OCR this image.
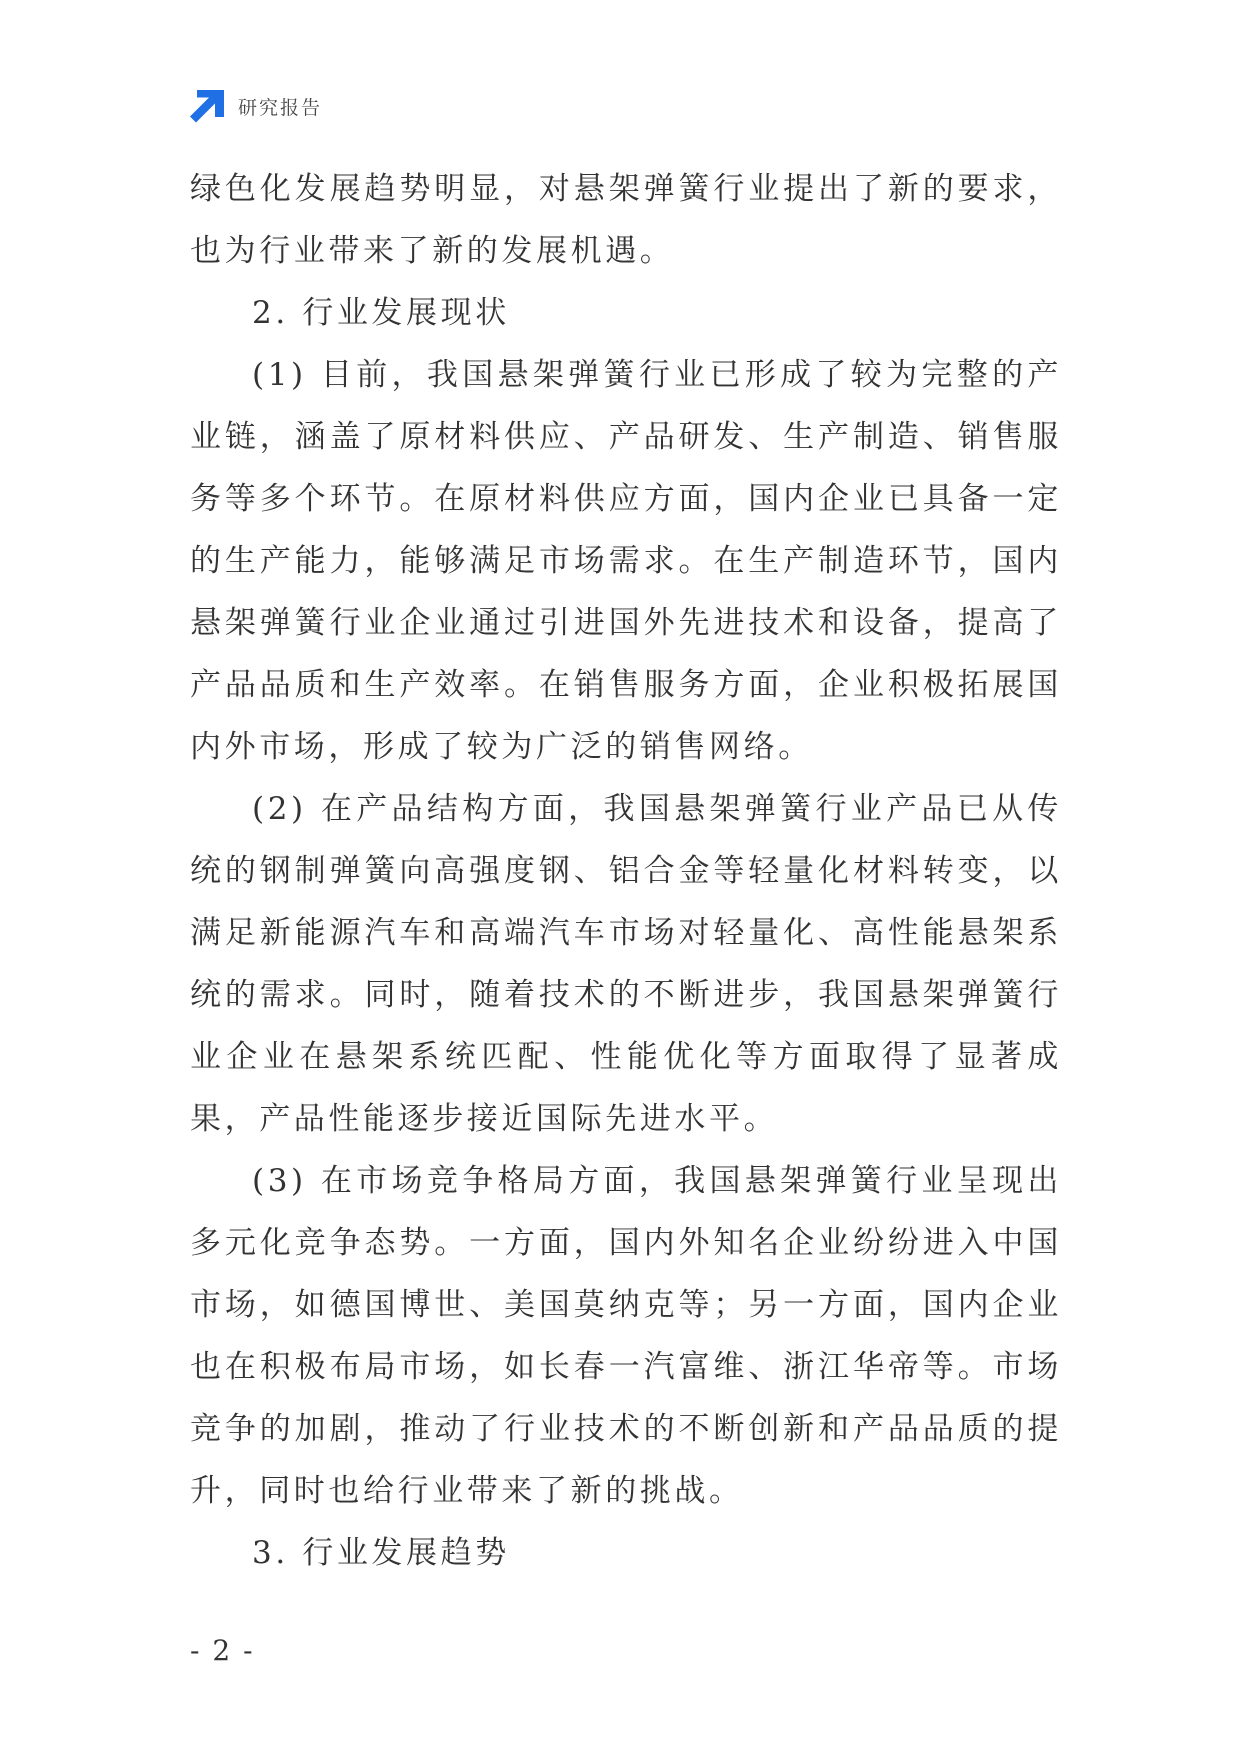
研究报告

绿色化发展趋势明显，对悬架弹簧行业提出了新的要求，也为行业带来了新的发展机遇。

2. 行业发展现状

(1) 目前，我国悬架弹簧行业已形成了较为完整的产业链，涵盖了原材料供应、产品研发、生产制造、销售服务等多个环节。在原材料供应方面，国内企业已具备一定的生产能力，能够满足市场需求。在生产制造环节，国内悬架弹簧行业企业通过引进国外先进技术和设备，提高了产品品质和生产效率。在销售服务方面，企业积极拓展国内外市场，形成了较为广泛的销售网络。

(2) 在产品结构方面，我国悬架弹簧行业产品已从传统的钢制弹簧向高强度钢、铝合金等轻量化材料转变，以满足新能源汽车和高端汽车市场对轻量化、高性能悬架系统的需求。同时，随着技术的不断进步，我国悬架弹簧行业企业在悬架系统匹配、性能优化等方面取得了显著成果，产品性能逐步接近国际先进水平。

(3) 在市场竞争格局方面，我国悬架弹簧行业呈现出多元化竞争态势。一方面，国内外知名企业纷纷进入中国市场，如德国博世、美国莫纳克等；另一方面，国内企业也在积极布局市场，如长春一汽富维、浙江华帝等。市场竞争的加剧，推动了行业技术的不断创新和产品品质的提升，同时也给行业带来了新的挑战。

3. 行业发展趋势
- 2 -
